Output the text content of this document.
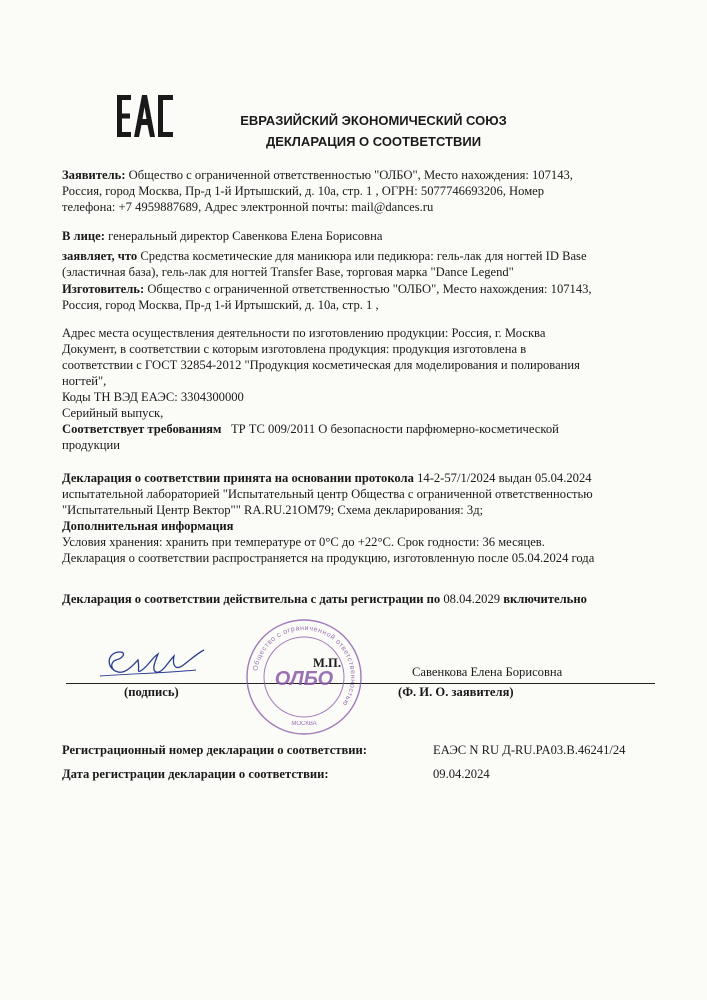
ЕВРАЗИЙСКИЙ ЭКОНОМИЧЕСКИЙ СОЮЗ
ДЕКЛАРАЦИЯ О СООТВЕТСТВИИ

Заявитель: Общество с ограниченной ответственностью "ОЛБО", Место нахождения: 107143,

Россия, город Москва, Пр-д 1-й Иртышский, д. 10а, стр. 1 , ОГРН: 5077746693206, Номер

телефона: +7 4959887689, Адрес электронной почты: mail@dances.ru

В лице: генеральный директор Савенкова Елена Борисовна

заявляет, что Средства косметические для маникюра или педикюра: гель-лак для ногтей ID Base

(эластичная база), гель-лак для ногтей Transfer Base, торговая марка "Dance Legend"

Изготовитель: Общество с ограниченной ответственностью "ОЛБО", Место нахождения: 107143,

Россия, город Москва, Пр-д 1-й Иртышский, д. 10а, стр. 1 ,

Адрес места осуществления деятельности по изготовлению продукции: Россия, г. Москва

Документ, в соответствии с которым изготовлена продукция: продукция изготовлена в

соответствии с ГОСТ 32854-2012 "Продукция косметическая для моделирования и полирования

ногтей",

Коды ТН ВЭД ЕАЭС: 3304300000

Серийный выпуск,

Соответствует требованиям ТР ТС 009/2011 О безопасности парфюмерно-косметической

продукции

Декларация о соответствии принята на основании протокола 14-2-57/1/2024 выдан 05.04.2024

испытательной лабораторией "Испытательный центр Общества с ограниченной ответственностью

"Испытательный Центр Вектор"" RA.RU.21ОМ79; Схема декларирования: 3д;

Дополнительная информация

Условия хранения: хранить при температуре от 0°C до +22°C. Срок годности: 36 месяцев.

Декларация о соответствии распространяется на продукцию, изготовленную после 05.04.2024 года

Декларация о соответствии действительна с даты регистрации по 08.04.2029 включительно

М.П.
Савенкова Елена Борисовна
(подпись)	(Ф. И. О. заявителя)
Общество с ограниченной ответственностью
МОСКВА
ОЛБО
Регистрационный номер декларации о соответствии:	ЕАЭС N RU Д-RU.PA03.B.46241/24
Дата регистрации декларации о соответствии:	09.04.2024
